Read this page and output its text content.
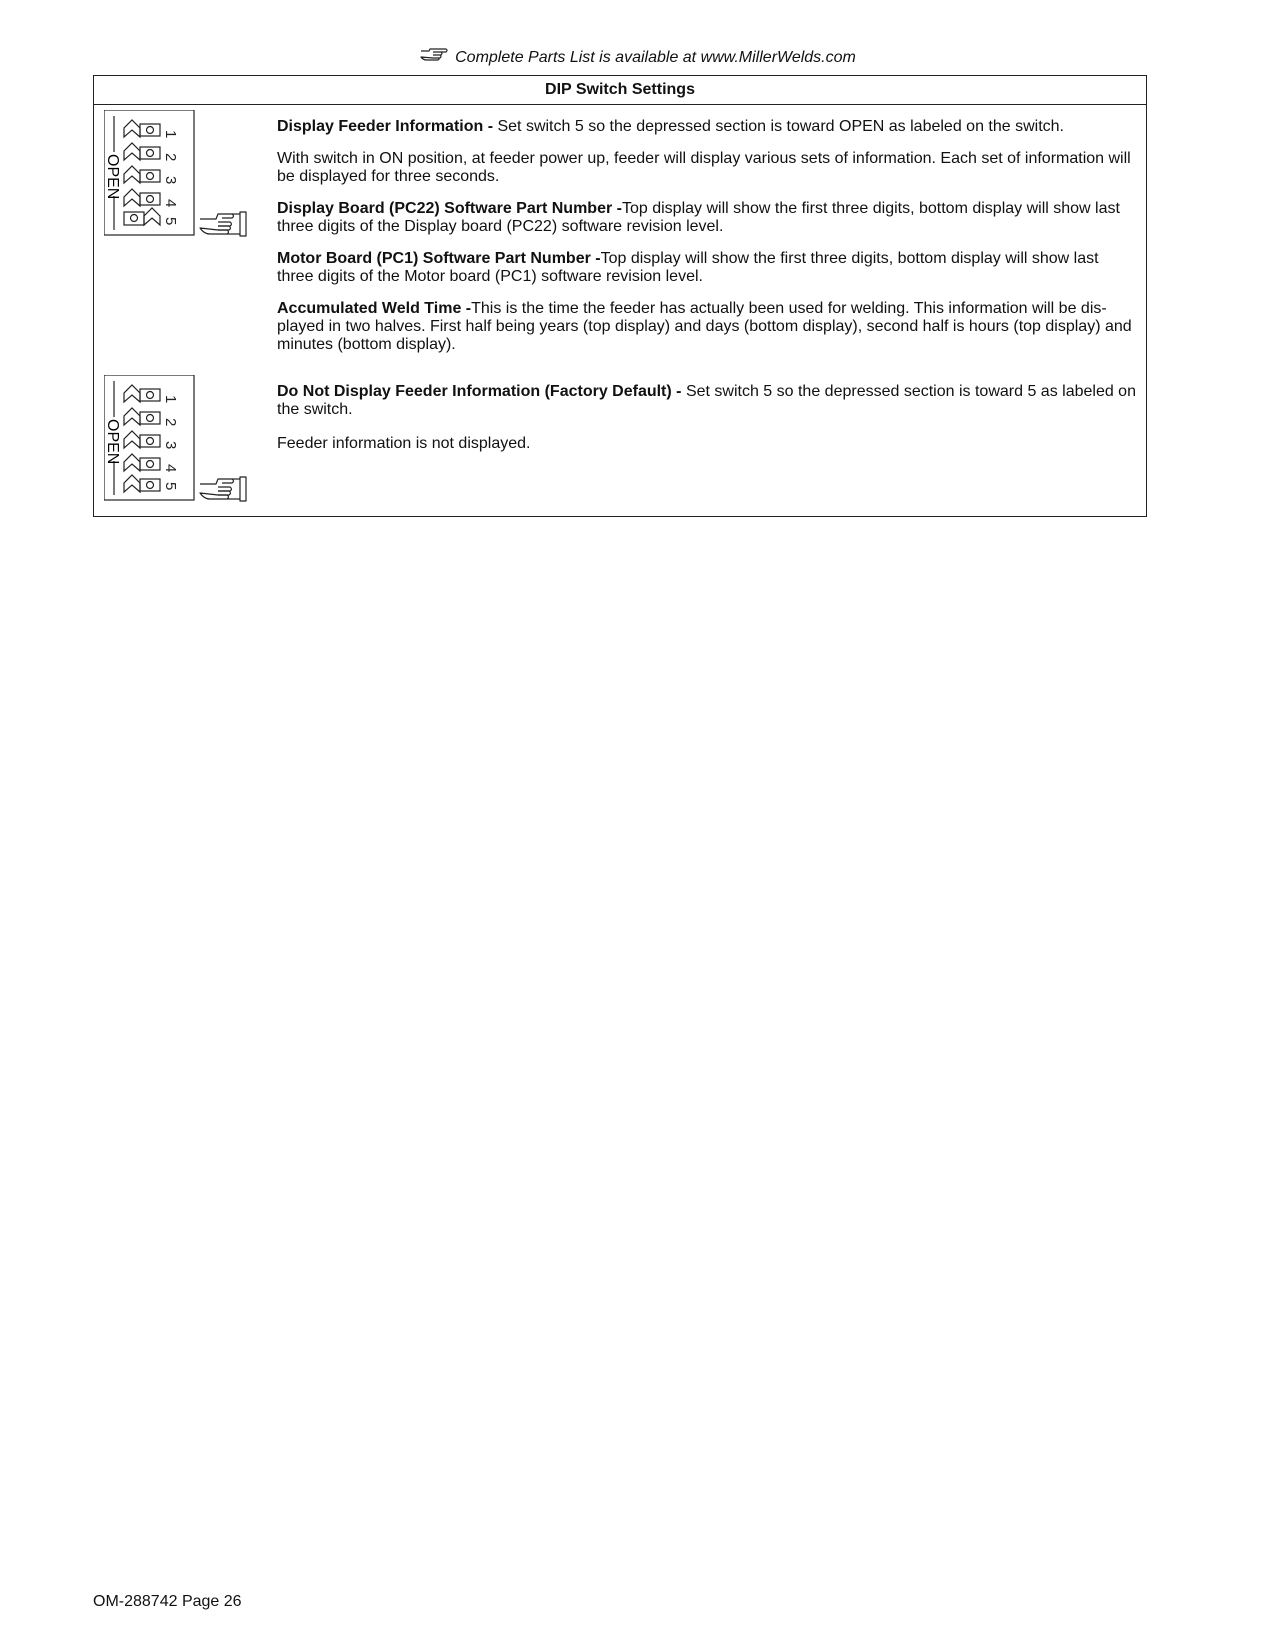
Complete Parts List is available at www.MillerWelds.com
DIP Switch Settings
OPEN
1
2
3
4
5

Display Feeder Information - Set switch 5 so the depressed section is toward OPEN as labeled on the switch.

With switch in ON position, at feeder power up, feeder will display various sets of information. Each set of information will be displayed for three seconds.

Display Board (PC22) Software Part Number -Top display will show the first three digits, bottom display will show last three digits of the Display board (PC22) software revision level.

Motor Board (PC1) Software Part Number -Top display will show the first three digits, bottom display will show last three digits of the Motor board (PC1) software revision level.

Accumulated Weld Time -This is the time the feeder has actually been used for welding. This information will be dis-played in two halves. First half being years (top display) and days (bottom display), second half is hours (top display) and minutes (bottom display).

OPEN
1
2
3
4
5

Do Not Display Feeder Information (Factory Default) - Set switch 5 so the depressed section is toward 5 as labeled on the switch.

Feeder information is not displayed.

OM-288742 Page 26
